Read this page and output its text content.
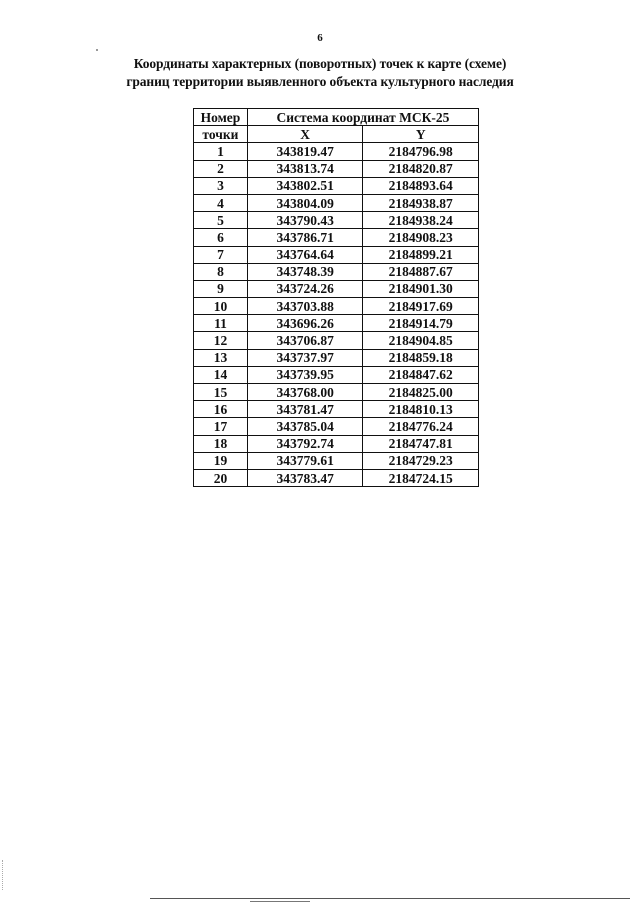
6
Координаты характерных (поворотных) точек к карте (схеме)
границ территории выявленного объекта культурного наследия
Номер	Система координат МСК-25	
точки	X	Y
1	343819.47	2184796.98
2	343813.74	2184820.87
3	343802.51	2184893.64
4	343804.09	2184938.87
5	343790.43	2184938.24
6	343786.71	2184908.23
7	343764.64	2184899.21
8	343748.39	2184887.67
9	343724.26	2184901.30
10	343703.88	2184917.69
11	343696.26	2184914.79
12	343706.87	2184904.85
13	343737.97	2184859.18
14	343739.95	2184847.62
15	343768.00	2184825.00
16	343781.47	2184810.13
17	343785.04	2184776.24
18	343792.74	2184747.81
19	343779.61	2184729.23
20	343783.47	2184724.15
